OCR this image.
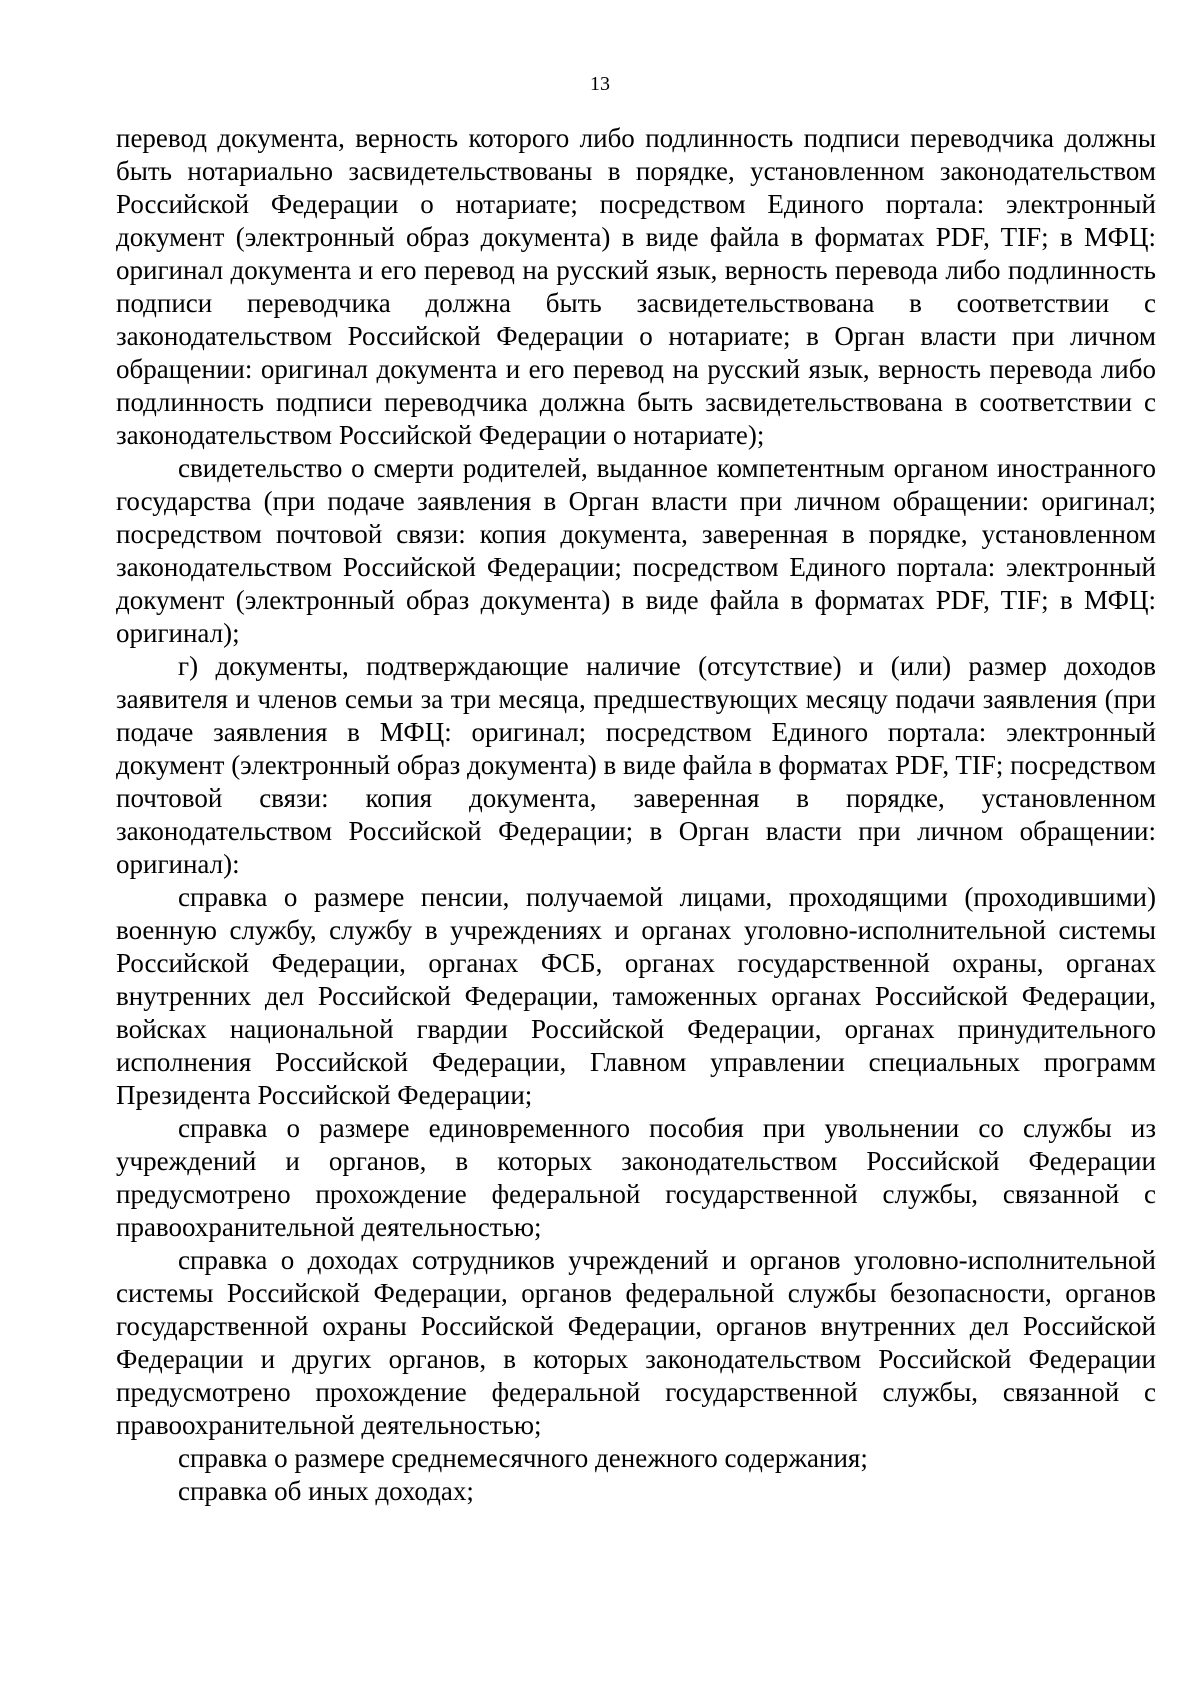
13

перевод документа, верность которого либо подлинность подписи переводчика должны быть нотариально засвидетельствованы в порядке, установленном законодательством Российской Федерации о нотариате; посредством Единого портала: электронный документ (электронный образ документа) в виде файла в форматах PDF, TIF; в МФЦ: оригинал документа и его перевод на русский язык, верность перевода либо подлинность подписи переводчика должна быть засвидетельствована в соответствии с законодательством Российской Федерации о нотариате; в Орган власти при личном обращении: оригинал документа и его перевод на русский язык, верность перевода либо подлинность подписи переводчика должна быть засвидетельствована в соответствии с законодательством Российской Федерации о нотариате);

свидетельство о смерти родителей, выданное компетентным органом иностранного государства (при подаче заявления в Орган власти при личном обращении: оригинал; посредством почтовой связи: копия документа, заверенная в порядке, установленном законодательством Российской Федерации; посредством Единого портала: электронный документ (электронный образ документа) в виде файла в форматах PDF, TIF; в МФЦ: оригинал);

г) документы, подтверждающие наличие (отсутствие) и (или) размер доходов заявителя и членов семьи за три месяца, предшествующих месяцу подачи заявления (при подаче заявления в МФЦ: оригинал; посредством Единого портала: электронный документ (электронный образ документа) в виде файла в форматах PDF, TIF; посредством почтовой связи: копия документа, заверенная в порядке, установленном законодательством Российской Федерации; в Орган власти при личном обращении: оригинал):

справка о размере пенсии, получаемой лицами, проходящими (проходившими) военную службу, службу в учреждениях и органах уголовно-исполнительной системы Российской Федерации, органах ФСБ, органах государственной охраны, органах внутренних дел Российской Федерации, таможенных органах Российской Федерации, войсках национальной гвардии Российской Федерации, органах принудительного исполнения Российской Федерации, Главном управлении специальных программ Президента Российской Федерации;

справка о размере единовременного пособия при увольнении со службы из учреждений и органов, в которых законодательством Российской Федерации предусмотрено прохождение федеральной государственной службы, связанной с правоохранительной деятельностью;

справка о доходах сотрудников учреждений и органов уголовно-исполнительной системы Российской Федерации, органов федеральной службы безопасности, органов государственной охраны Российской Федерации, органов внутренних дел Российской Федерации и других органов, в которых законодательством Российской Федерации предусмотрено прохождение федеральной государственной службы, связанной с правоохранительной деятельностью;

справка о размере среднемесячного денежного содержания;

справка об иных доходах;
